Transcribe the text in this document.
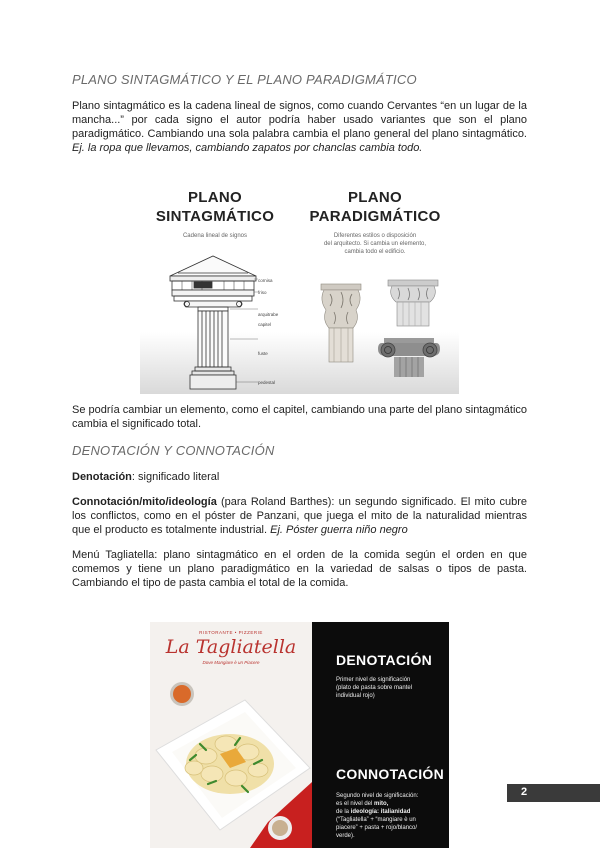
PLANO SINTAGMÁTICO Y EL PLANO PARADIGMÁTICO

Plano sintagmático es la cadena lineal de signos, como cuando Cervantes “en un lugar de la mancha...” por cada signo el autor podría haber usado variantes que son el plano paradigmático. Cambiando una sola palabra cambia el plano general del plano sintagmático. Ej. la ropa que llevamos, cambiando zapatos por chanclas cambia todo.

PLANO
SINTAGMÁTICO
Cadena lineal de signos
PLANO
PARADIGMÁTICO
Diferentes estilos o disposición
del arquitecto. Si cambia un elemento,
cambia todo el edificio.
cornisa
friso
arquitrabe
capitel
fuste
pedestal

Se podría cambiar un elemento, como el capitel, cambiando una parte del plano sintagmático cambia el significado total.

DENOTACIÓN Y CONNOTACIÓN

Denotación: significado literal

Connotación/mito/ideología (para Roland Barthes): un segundo significado. El mito cubre los conflictos, como en el póster de Panzani, que juega el mito de la naturalidad mientras que el producto es totalmente industrial. Ej. Póster guerra niño negro

Menú Tagliatella: plano sintagmático en el orden de la comida según el orden en que comemos y tiene un plano paradigmático en la variedad de salsas o tipos de pasta. Cambiando el tipo de pasta cambia el total de la comida.

RISTORANTE • PIZZERIE
La Tagliatella
Dove Mangiare è un Piacere	DENOTACIÓN

Primer nivel de significación
(plato de pasta sobre mantel
individual rojo)

CONNOTACIÓN

Segundo nivel de significación:
es el nivel del mito,
de la ideología: italianidad
(“Tagliatella” + “mangiare è un
piacere” + pasta + rojo/blanco/
verde).

2
